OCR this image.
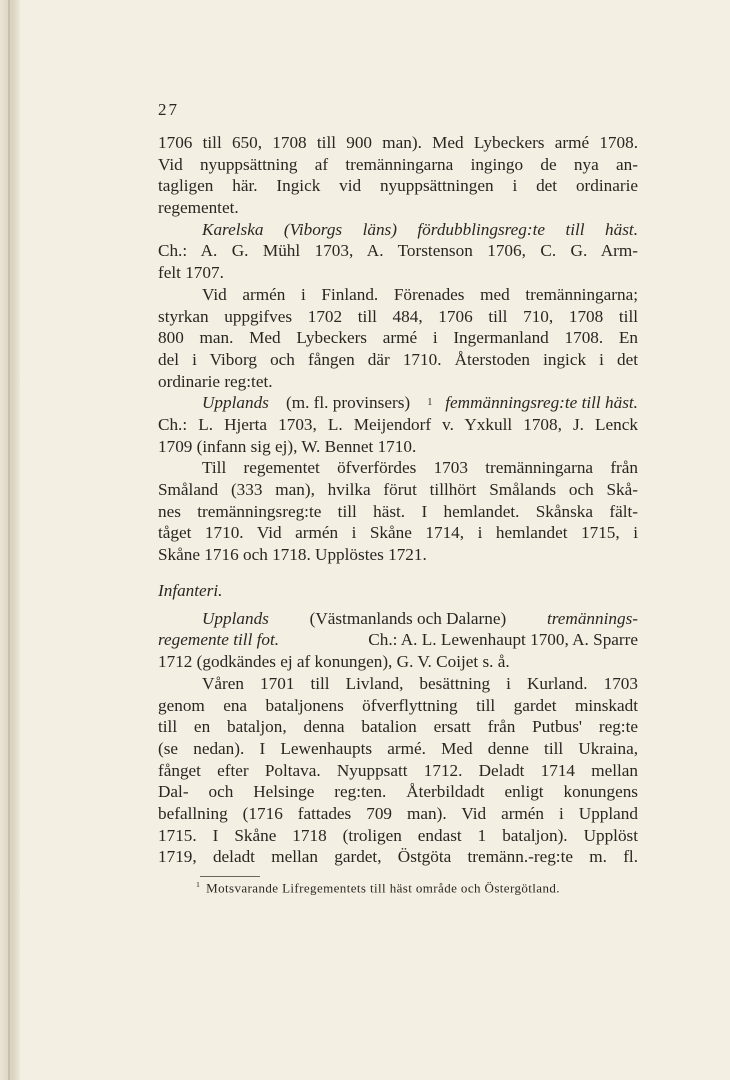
27
1706 till 650, 1708 till 900 man). Med Lybeckers armé 1708.
Vid nyuppsättning af tremänningarna ingingo de nya an-
tagligen här. Ingick vid nyuppsättningen i det ordinarie
regementet.
Karelska (Viborgs läns) fördubblingsreg:te till häst.
Ch.: A. G. Mühl 1703, A. Torstenson 1706, C. G. Arm-
felt 1707.
Vid armén i Finland. Förenades med tremänningarna;
styrkan uppgifves 1702 till 484, 1706 till 710, 1708 till
800 man. Med Lybeckers armé i Ingermanland 1708. En
del i Viborg och fången där 1710. Återstoden ingick i det
ordinarie reg:tet.
Upplands (m. fl. provinsers) 1 femmänningsreg:te till häst.
Ch.: L. Hjerta 1703, L. Meijendorf v. Yxkull 1708, J. Lenck
1709 (infann sig ej), W. Bennet 1710.
Till regementet öfverfördes 1703 tremänningarna från
Småland (333 man), hvilka förut tillhört Smålands och Skå-
nes tremänningsreg:te till häst. I hemlandet. Skånska fält-
tåget 1710. Vid armén i Skåne 1714, i hemlandet 1715, i
Skåne 1716 och 1718. Upplöstes 1721.
Infanteri.
Upplands (Västmanlands och Dalarne) tremännings-
regemente till fot.	Ch.: A. L. Lewenhaupt 1700, A. Sparre
1712 (godkändes ej af konungen), G. V. Coijet s. å.
Våren 1701 till Livland, besättning i Kurland. 1703
genom ena bataljonens öfverflyttning till gardet minskadt
till en bataljon, denna batalion ersatt från Putbus' reg:te
(se nedan). I Lewenhaupts armé. Med denne till Ukraina,
fånget efter Poltava. Nyuppsatt 1712. Deladt 1714 mellan
Dal- och Helsinge reg:ten. Återbildadt enligt konungens
befallning (1716 fattades 709 man). Vid armén i Uppland
1715. I Skåne 1718 (troligen endast 1 bataljon). Upplöst
1719, deladt mellan gardet, Östgöta tremänn.-reg:te m. fl.
$^1$ Motsvarande Lifregementets till häst område och Östergötland.
